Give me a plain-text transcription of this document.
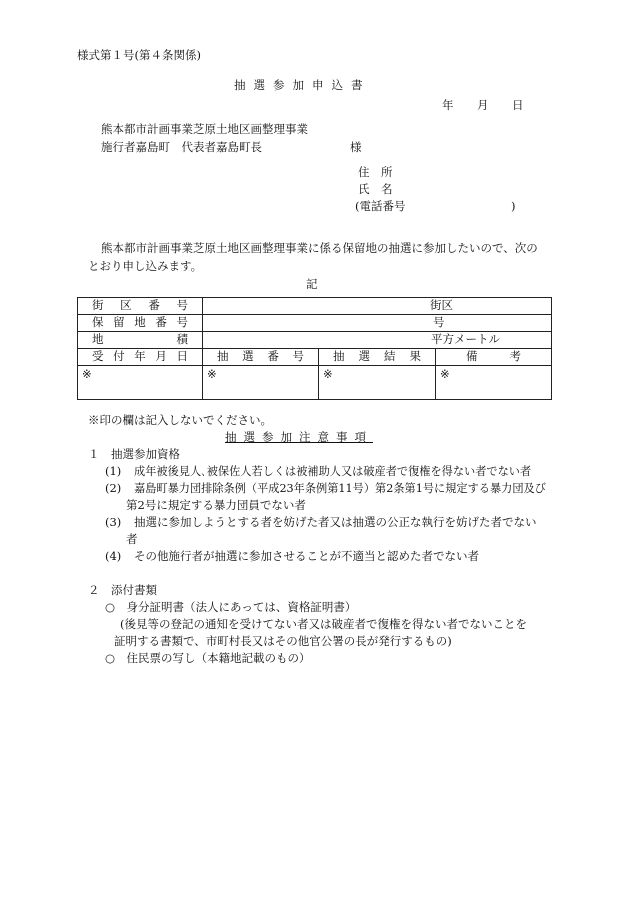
様式第１号(第４条関係)
抽選参加申込書
年 月 日
熊本都市計画事業芝原土地区画整理事業
施行者嘉島町　代表者嘉島町長	様
住　所
氏　名
(電話番号	)
熊本都市計画事業芝原土地区画整理事業に係る保留地の抽選に参加したいので、次の
とおり申し込みます。
記
街区番号	街区		
保留地番号	号		
地積	平方メートル		
受付年月日	抽選番号	抽選結果	備考
※	※	※	※
※印の欄は記入しないでください。
抽選参加注意事項
１　抽選参加資格
(1) 成年被後見人､被保佐人若しくは被補助人又は破産者で復権を得ない者でない者
(2) 嘉島町暴力団排除条例（平成23年条例第11号）第2条第1号に規定する暴力団及び
第2号に規定する暴力団員でない者
(3) 抽選に参加しようとする者を妨げた者又は抽選の公正な執行を妨げた者でない
者
(4) その他施行者が抽選に参加させることが不適当と認めた者でない者
２　添付書類
○　身分証明書（法人にあっては、資格証明書）
(後見等の登記の通知を受けてない者又は破産者で復権を得ない者でないことを
証明する書類で、市町村長又はその他官公署の長が発行するもの)
○　住民票の写し（本籍地記載のもの）
